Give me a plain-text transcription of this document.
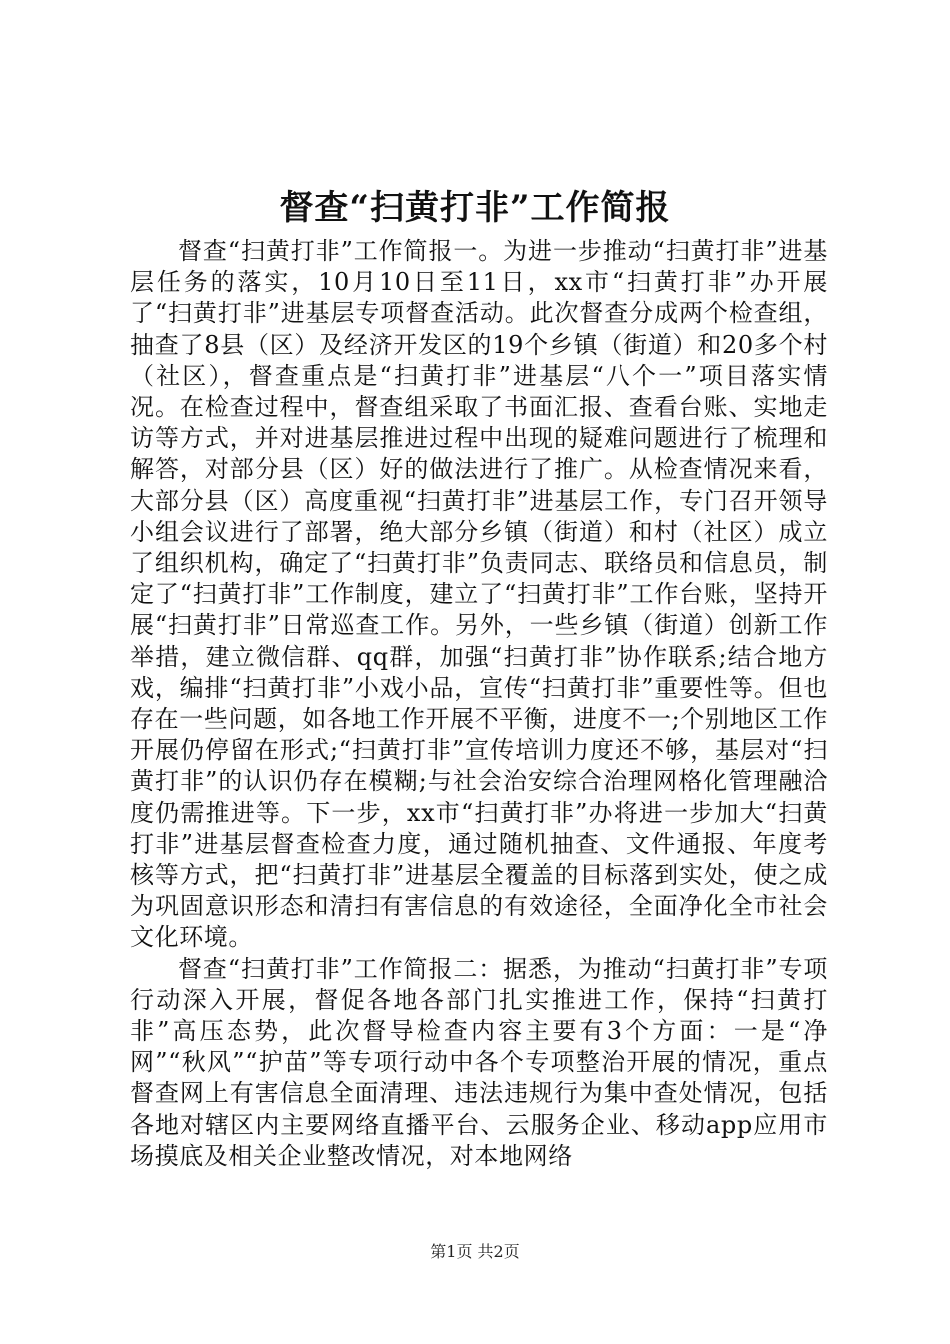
督查“扫黄打非”工作简报

督查“扫黄打非”工作简报一。为进一步推动“扫黄打非”进基层任务的落实，10月10日至11日，xx市“扫黄打非”办开展了“扫黄打非”进基层专项督查活动。此次督查分成两个检查组，抽查了8县（区）及经济开发区的19个乡镇（街道）和20多个村（社区），督查重点是“扫黄打非”进基层“八个一”项目落实情况。在检查过程中，督查组采取了书面汇报、查看台账、实地走访等方式，并对进基层推进过程中出现的疑难问题进行了梳理和解答，对部分县（区）好的做法进行了推广。从检查情况来看，大部分县（区）高度重视“扫黄打非”进基层工作，专门召开领导小组会议进行了部署，绝大部分乡镇（街道）和村（社区）成立了组织机构，确定了“扫黄打非”负责同志、联络员和信息员，制定了“扫黄打非”工作制度，建立了“扫黄打非”工作台账，坚持开展“扫黄打非”日常巡查工作。另外，一些乡镇（街道）创新工作举措，建立微信群、qq群，加强“扫黄打非”协作联系;结合地方戏，编排“扫黄打非”小戏小品，宣传“扫黄打非”重要性等。但也存在一些问题，如各地工作开展不平衡，进度不一;个别地区工作开展仍停留在形式;“扫黄打非”宣传培训力度还不够，基层对“扫黄打非”的认识仍存在模糊;与社会治安综合治理网格化管理融洽度仍需推进等。下一步，xx市“扫黄打非”办将进一步加大“扫黄打非”进基层督查检查力度，通过随机抽查、文件通报、年度考核等方式，把“扫黄打非”进基层全覆盖的目标落到实处，使之成为巩固意识形态和清扫有害信息的有效途径，全面净化全市社会文化环境。

督查“扫黄打非”工作简报二：据悉，为推动“扫黄打非”专项行动深入开展，督促各地各部门扎实推进工作，保持“扫黄打非”高压态势，此次督导检查内容主要有3个方面：一是“净网”“秋风”“护苗”等专项行动中各个专项整治开展的情况，重点督查网上有害信息全面清理、违法违规行为集中查处情况，包括各地对辖区内主要网络直播平台、云服务企业、移动app应用市场摸底及相关企业整改情况，对本地网络

第1页 共2页
